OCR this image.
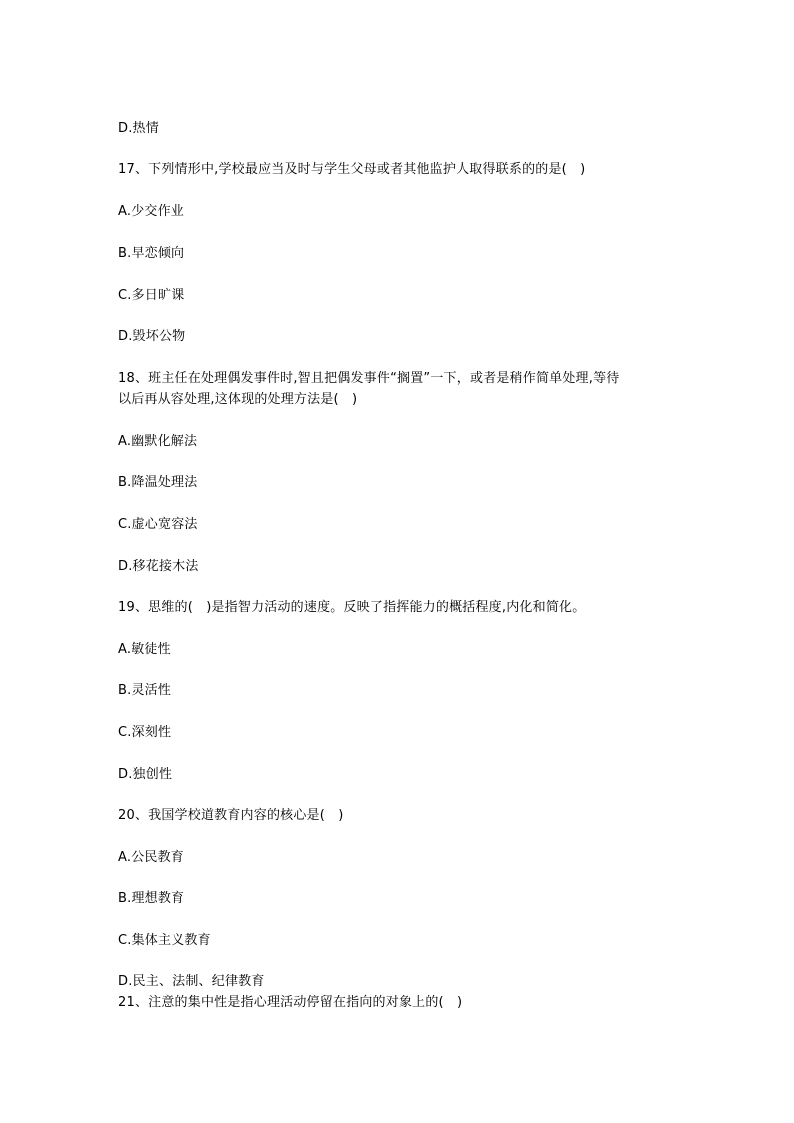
D.热情
17、下列情形中,学校最应当及时与学生父母或者其他监护人取得联系的的是(　)
A.少交作业
B.早恋倾向
C.多日旷课
D.毁坏公物
18、班主任在处理偶发事件时,智且把偶发事件“搁置”一下，或者是稍作简单处理,等待
以后再从容处理,这体现的处理方法是(　)
A.幽默化解法
B.降温处理法
C.虚心宽容法
D.移花接木法
19、思维的(　)是指智力活动的速度。反映了指挥能力的概括程度,内化和简化。
A.敏徒性
B.灵活性
C.深刻性
D.独创性
20、我国学校道教育内容的核心是(　)
A.公民教育
B.理想教育
C.集体主义教育
D.民主、法制、纪律教育
21、注意的集中性是指心理活动停留在指向的对象上的(　)
